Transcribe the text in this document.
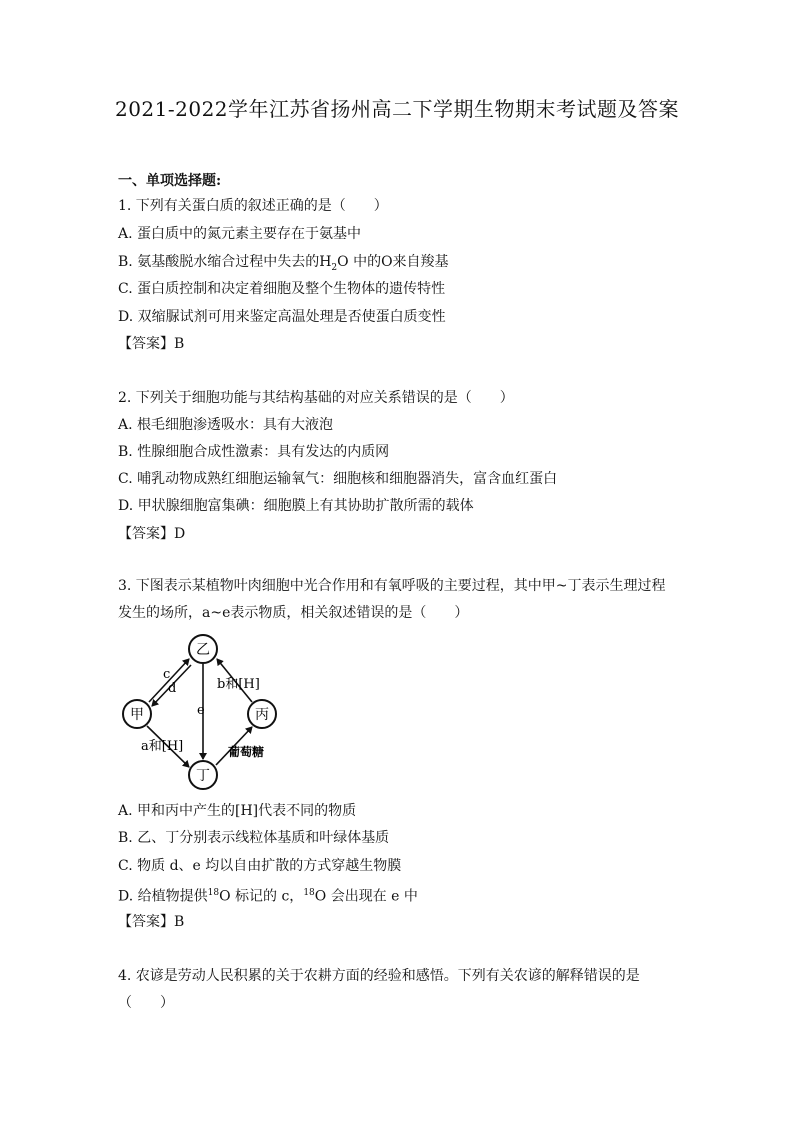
2021-2022学年江苏省扬州高二下学期生物期末考试题及答案
一、单项选择题:
1. 下列有关蛋白质的叙述正确的是（　　）
A. 蛋白质中的氮元素主要存在于氨基中
B. 氨基酸脱水缩合过程中失去的$H_2O$ 中的O来自羧基
C. 蛋白质控制和决定着细胞及整个生物体的遗传特性
D. 双缩脲试剂可用来鉴定高温处理是否使蛋白质变性
【答案】B
2. 下列关于细胞功能与其结构基础的对应关系错误的是（　　）
A. 根毛细胞渗透吸水：具有大液泡
B. 性腺细胞合成性激素：具有发达的内质网
C. 哺乳动物成熟红细胞运输氧气：细胞核和细胞器消失，富含血红蛋白
D. 甲状腺细胞富集碘：细胞膜上有其协助扩散所需的载体
【答案】D
3. 下图表示某植物叶肉细胞中光合作用和有氧呼吸的主要过程，其中甲~丁表示生理过程发生的场所，a~e表示物质，相关叙述错误的是（　　）
乙
甲	丙
丁
c
d
e
b和[H]
a和[H]	葡萄糖
A. 甲和丙中产生的[H]代表不同的物质
B. 乙、丁分别表示线粒体基质和叶绿体基质
C. 物质 d、e 均以自由扩散的方式穿越生物膜
D. 给植物提供$^{18}$O 标记的 c，$^{18}$O 会出现在 e 中
【答案】B
4. 农谚是劳动人民积累的关于农耕方面的经验和感悟。下列有关农谚的解释错误的是（　　）
